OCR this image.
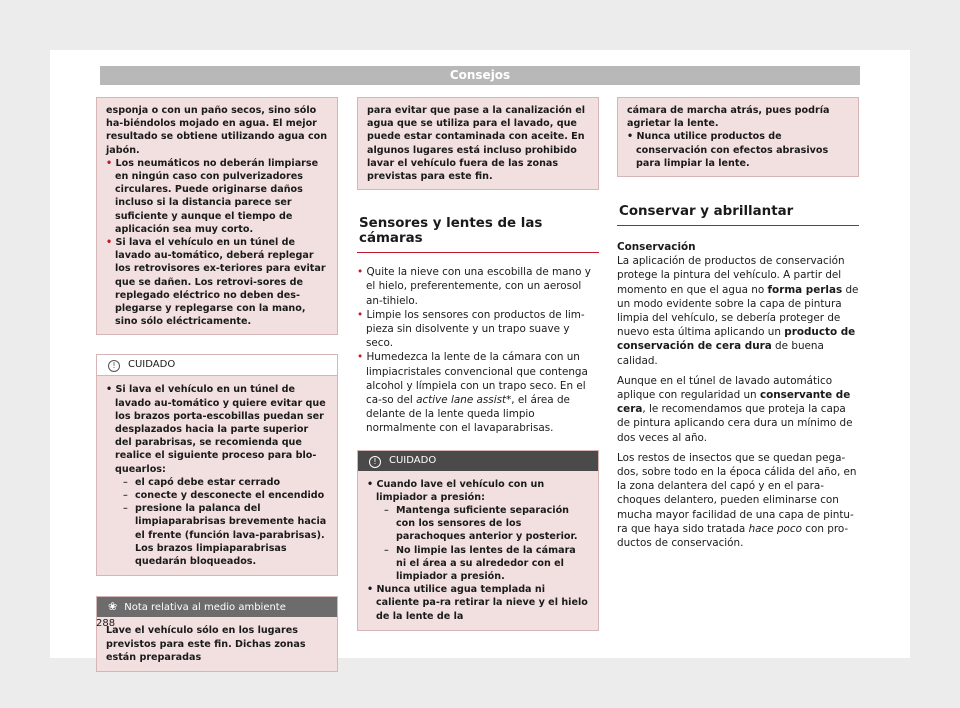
Consejos

esponja o con un paño secos, sino sólo ha-biéndolos mojado en agua. El mejor resultado se obtiene utilizando agua con jabón.

• Los neumáticos no deberán limpiarse en ningún caso con pulverizadores circulares. Puede originarse daños incluso si la distancia parece ser suficiente y aunque el tiempo de aplicación sea muy corto.

• Si lava el vehículo en un túnel de lavado au-tomático, deberá replegar los retrovisores ex-teriores para evitar que se dañen. Los retrovi-sores de replegado eléctrico no deben des-plegarse y replegarse con la mano, sino sólo eléctricamente.

! CUIDADO

• Si lava el vehículo en un túnel de lavado au-tomático y quiere evitar que los brazos porta-escobillas puedan ser desplazados hacia la parte superior del parabrisas, se recomienda que realice el siguiente proceso para blo-quearlos:

– el capó debe estar cerrado

– conecte y desconecte el encendido

– presione la palanca del limpiaparabrisas brevemente hacia el frente (función lava-parabrisas). Los brazos limpiaparabrisas quedarán bloqueados.

❀ Nota relativa al medio ambiente
Lave el vehículo sólo en los lugares previstos para este fin. Dichas zonas están preparadas
para evitar que pase a la canalización el agua que se utiliza para el lavado, que puede estar contaminada con aceite. En algunos lugares está incluso prohibido lavar el vehículo fuera de las zonas previstas para este fin.
Sensores y lentes de las cámaras

• Quite la nieve con una escobilla de mano y el hielo, preferentemente, con un aerosol an-tihielo.

• Limpie los sensores con productos de lim-pieza sin disolvente y un trapo suave y seco.

• Humedezca la lente de la cámara con un limpiacristales convencional que contenga alcohol y límpiela con un trapo seco. En el ca-so del active lane assist*, el área de delante de la lente queda limpio normalmente con el lavaparabrisas.

! CUIDADO

• Cuando lave el vehículo con un limpiador a presión:

– Mantenga suficiente separación con los sensores de los parachoques anterior y posterior.

– No limpie las lentes de la cámara ni el área a su alrededor con el limpiador a presión.

• Nunca utilice agua templada ni caliente pa-ra retirar la nieve y el hielo de la lente de la

cámara de marcha atrás, pues podría agrietar la lente.

• Nunca utilice productos de conservación con efectos abrasivos para limpiar la lente.

Conservar y abrillantar

Conservación

La aplicación de productos de conservación protege la pintura del vehículo. A partir del momento en que el agua no forma perlas de un modo evidente sobre la capa de pintura limpia del vehículo, se debería proteger de nuevo esta última aplicando un producto de conservación de cera dura de buena calidad.

Aunque en el túnel de lavado automático aplique con regularidad un conservante de cera, le recomendamos que proteja la capa de pintura aplicando cera dura un mínimo de dos veces al año.

Los restos de insectos que se quedan pega-dos, sobre todo en la época cálida del año, en la zona delantera del capó y en el para-choques delantero, pueden eliminarse con mucha mayor facilidad de una capa de pintu-ra que haya sido tratada hace poco con pro-ductos de conservación.

288
